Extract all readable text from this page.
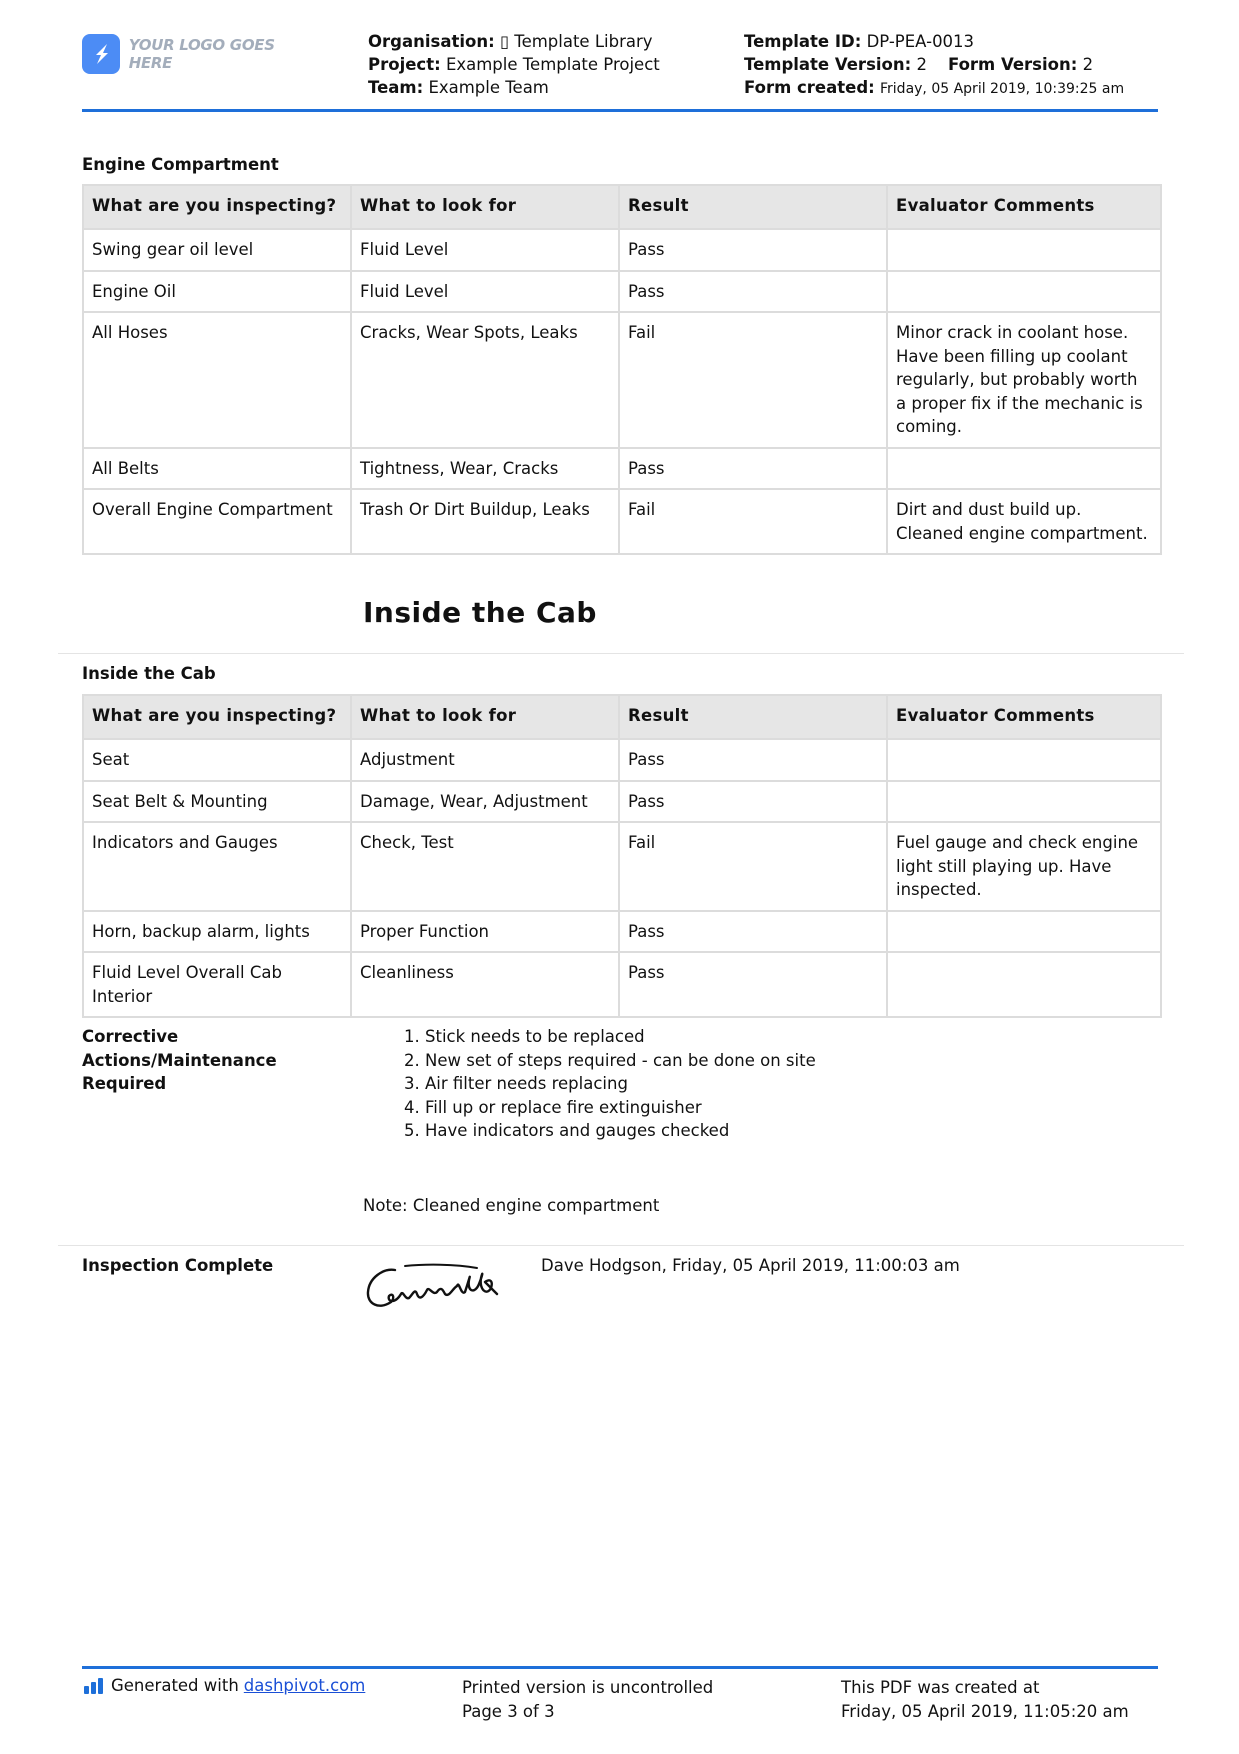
YOUR LOGO GOES HERE
Organisation: ▯ Template Library
Project: Example Template Project
Team: Example Team
Template ID: DP-PEA-0013
Template Version: 2 Form Version: 2
Form created: Friday, 05 April 2019, 10:39:25 am
Engine Compartment
What are you inspecting?	What to look for	Result	Evaluator Comments
Swing gear oil level	Fluid Level	Pass	
Engine Oil	Fluid Level	Pass	
All Hoses	Cracks, Wear Spots, Leaks	Fail	Minor crack in coolant hose. Have been filling up coolant regularly, but probably worth a proper fix if the mechanic is coming.
All Belts	Tightness, Wear, Cracks	Pass	
Overall Engine Compartment	Trash Or Dirt Buildup, Leaks	Fail	Dirt and dust build up. Cleaned engine compartment.
Inside the Cab
Inside the Cab
What are you inspecting?	What to look for	Result	Evaluator Comments
Seat	Adjustment	Pass	
Seat Belt & Mounting	Damage, Wear, Adjustment	Pass	
Indicators and Gauges	Check, Test	Fail	Fuel gauge and check engine light still playing up. Have inspected.
Horn, backup alarm, lights	Proper Function	Pass	
Fluid Level Overall Cab Interior	Cleanliness	Pass	
Corrective Actions/Maintenance Required
1. Stick needs to be replaced
2. New set of steps required - can be done on site
3. Air filter needs replacing
4. Fill up or replace fire extinguisher
5. Have indicators and gauges checked
Note: Cleaned engine compartment
Inspection Complete	Dave Hodgson, Friday, 05 April 2019, 11:00:03 am
Generated with dashpivot.com	Printed version is uncontrolled
Page 3 of 3
This PDF was created at
Friday, 05 April 2019, 11:05:20 am
